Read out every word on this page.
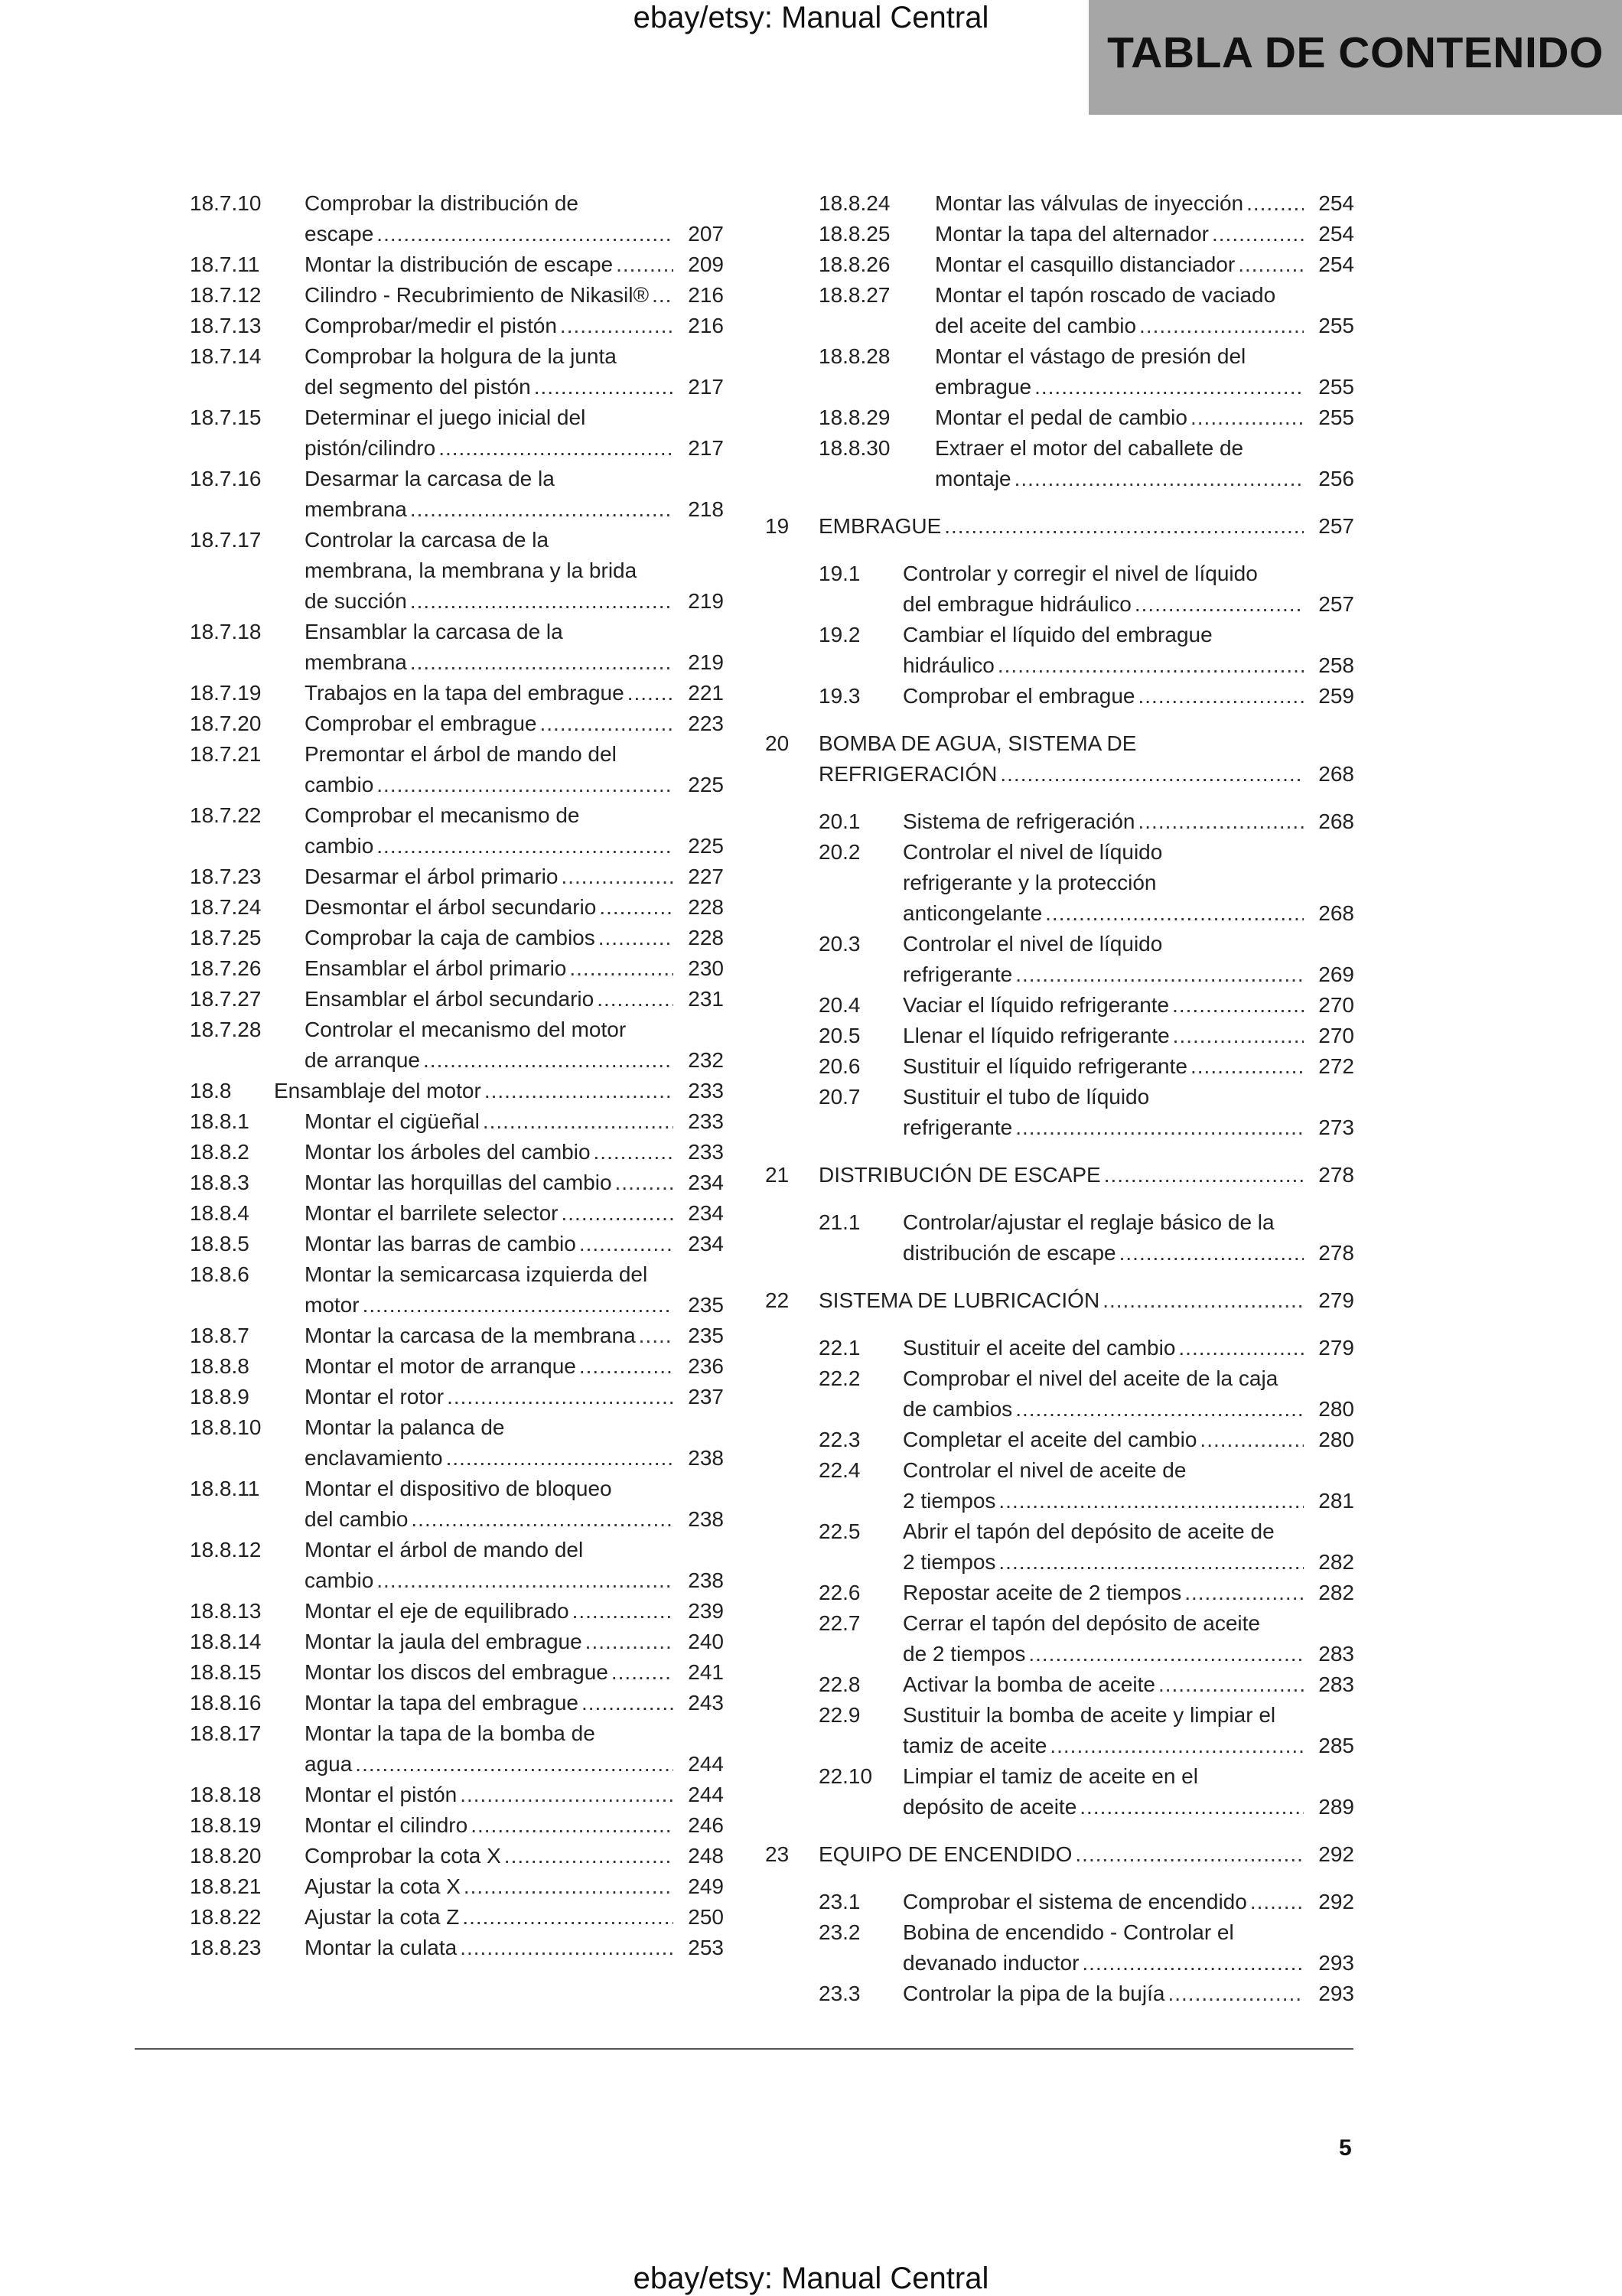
ebay/etsy: Manual Central
TABLA DE CONTENIDO
18.7.10 Comprobar la distribución de
escape .....	207
18.7.11 Montar la distribución de escape .....	209
18.7.12 Cilindro - Recubrimiento de Nikasil® .....	216
18.7.13 Comprobar/medir el pistón .....	216
18.7.14 Comprobar la holgura de la junta
del segmento del pistón .....	217
18.7.15 Determinar el juego inicial del
pistón/cilindro .....	217
18.7.16 Desarmar la carcasa de la
membrana .....	218
18.7.17 Controlar la carcasa de la
membrana, la membrana y la brida
de succión .....	219
18.7.18 Ensamblar la carcasa de la
membrana .....	219
18.7.19 Trabajos en la tapa del embrague .....	221
18.7.20 Comprobar el embrague .....	223
18.7.21 Premontar el árbol de mando del
cambio .....	225
18.7.22 Comprobar el mecanismo de
cambio .....	225
18.7.23 Desarmar el árbol primario .....	227
18.7.24 Desmontar el árbol secundario .....	228
18.7.25 Comprobar la caja de cambios .....	228
18.7.26 Ensamblar el árbol primario .....	230
18.7.27 Ensamblar el árbol secundario .....	231
18.7.28 Controlar el mecanismo del motor
de arranque .....	232
18.8 Ensamblaje del motor .....	233
18.8.1	Montar el cigüeñal .....	233
18.8.2	Montar los árboles del cambio .....	233
18.8.3	Montar las horquillas del cambio .....	234
18.8.4	Montar el barrilete selector .....	234
18.8.5	Montar las barras de cambio .....	234
18.8.6	Montar la semicarcasa izquierda del
motor .....	235
18.8.7	Montar la carcasa de la membrana .....	235
18.8.8	Montar el motor de arranque .....	236
18.8.9	Montar el rotor .....	237
18.8.10 Montar la palanca de
enclavamiento .....	238
18.8.11 Montar el dispositivo de bloqueo
del cambio .....	238
18.8.12 Montar el árbol de mando del
cambio .....	238
18.8.13 Montar el eje de equilibrado .....	239
18.8.14 Montar la jaula del embrague .....	240
18.8.15 Montar los discos del embrague .....	241
18.8.16 Montar la tapa del embrague .....	243
18.8.17 Montar la tapa de la bomba de
agua .....	244
18.8.18 Montar el pistón .....	244
18.8.19 Montar el cilindro .....	246
18.8.20 Comprobar la cota X .....	248
18.8.21 Ajustar la cota X .....	249
18.8.22 Ajustar la cota Z .....	250
18.8.23 Montar la culata .....	253
18.8.24 Montar las válvulas de inyección .....	254
18.8.25 Montar la tapa del alternador .....	254
18.8.26 Montar el casquillo distanciador .....	254
18.8.27 Montar el tapón roscado de vaciado
del aceite del cambio .....	255
18.8.28 Montar el vástago de presión del
embrague .....	255
18.8.29 Montar el pedal de cambio .....	255
18.8.30 Extraer el motor del caballete de
montaje .....	256
19 EMBRAGUE .....	257
19.1 Controlar y corregir el nivel de líquido
del embrague hidráulico .....	257
19.2 Cambiar el líquido del embrague
hidráulico .....	258
19.3 Comprobar el embrague .....	259
20 BOMBA DE AGUA, SISTEMA DE
REFRIGERACIÓN .....	268
20.1 Sistema de refrigeración .....	268
20.2 Controlar el nivel de líquido
refrigerante y la protección
anticongelante .....	268
20.3 Controlar el nivel de líquido
refrigerante .....	269
20.4 Vaciar el líquido refrigerante .....	270
20.5 Llenar el líquido refrigerante .....	270
20.6 Sustituir el líquido refrigerante .....	272
20.7 Sustituir el tubo de líquido
refrigerante .....	273
21 DISTRIBUCIÓN DE ESCAPE .....	278
21.1 Controlar/ajustar el reglaje básico de la
distribución de escape .....	278
22 SISTEMA DE LUBRICACIÓN .....	279
22.1 Sustituir el aceite del cambio .....	279
22.2 Comprobar el nivel del aceite de la caja
de cambios .....	280
22.3 Completar el aceite del cambio .....	280
22.4 Controlar el nivel de aceite de
2 tiempos .....	281
22.5 Abrir el tapón del depósito de aceite de
2 tiempos .....	282
22.6 Repostar aceite de 2 tiempos .....	282
22.7 Cerrar el tapón del depósito de aceite
de 2 tiempos .....	283
22.8 Activar la bomba de aceite .....	283
22.9 Sustituir la bomba de aceite y limpiar el
tamiz de aceite .....	285
22.10 Limpiar el tamiz de aceite en el
depósito de aceite .....	289
23 EQUIPO DE ENCENDIDO .....	292
23.1 Comprobar el sistema de encendido .....	292
23.2 Bobina de encendido - Controlar el
devanado inductor .....	293
23.3 Controlar la pipa de la bujía .....	293
5
ebay/etsy: Manual Central
